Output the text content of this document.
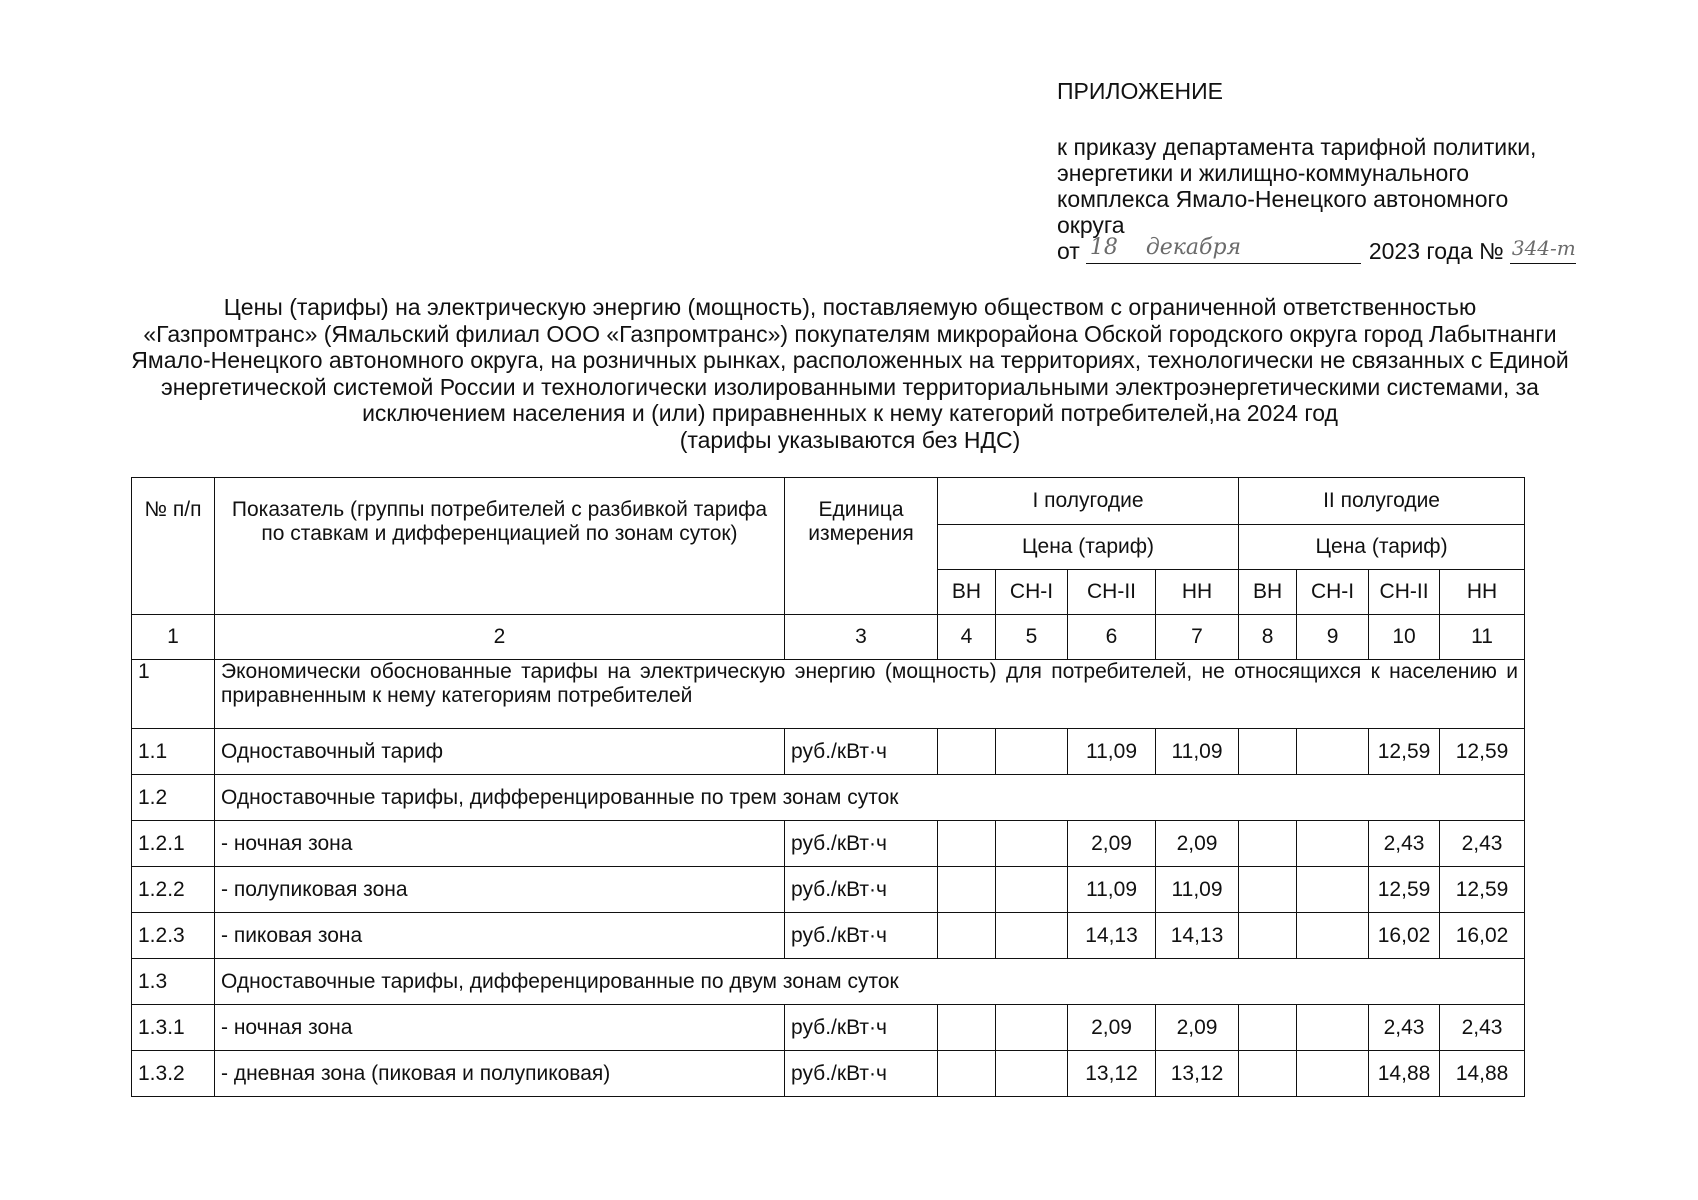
ПРИЛОЖЕНИЕ
к приказу департамента тарифной политики,
энергетики и жилищно-коммунального
комплекса Ямало-Ненецкого автономного
округа
от 18 декабря	2023 года № 344-т
Цены (тарифы) на электрическую энергию (мощность), поставляемую обществом с ограниченной ответственностью
«Газпромтранс» (Ямальский филиал ООО «Газпромтранс») покупателям микрорайона Обской городского округа город Лабытнанги
Ямало-Ненецкого автономного округа, на розничных рынках, расположенных на территориях, технологически не связанных с Единой
энергетической системой России и технологически изолированными территориальными электроэнергетическими системами, за
исключением населения и (или) приравненных к нему категорий потребителей,на 2024 год
(тарифы указываются без НДС)
№ п/п	Показатель (группы потребителей с разбивкой тарифа по ставкам и дифференциацией по зонам суток)	Единица измерения	I полугодие				II полугодие			
			Цена (тариф)				Цена (тариф)			
			ВН	СН-I	СН-II	НН	ВН	СН-I	СН-II	НН
1	2	3	4	5	6	7	8	9	10	11
1	Экономически обоснованные тарифы на электрическую энергию (мощность) для потребителей, не относящихся к населению и приравненным к нему категориям потребителей									
1.1	Одноставочный тариф	руб./кВт·ч			11,09	11,09			12,59	12,59
1.2	Одноставочные тарифы, дифференцированные по трем зонам суток									
1.2.1	- ночная зона	руб./кВт·ч			2,09	2,09			2,43	2,43
1.2.2	- полупиковая зона	руб./кВт·ч			11,09	11,09			12,59	12,59
1.2.3	- пиковая зона	руб./кВт·ч			14,13	14,13			16,02	16,02
1.3	Одноставочные тарифы, дифференцированные по двум зонам суток									
1.3.1	- ночная зона	руб./кВт·ч			2,09	2,09			2,43	2,43
1.3.2	- дневная зона (пиковая и полупиковая)	руб./кВт·ч			13,12	13,12			14,88	14,88
